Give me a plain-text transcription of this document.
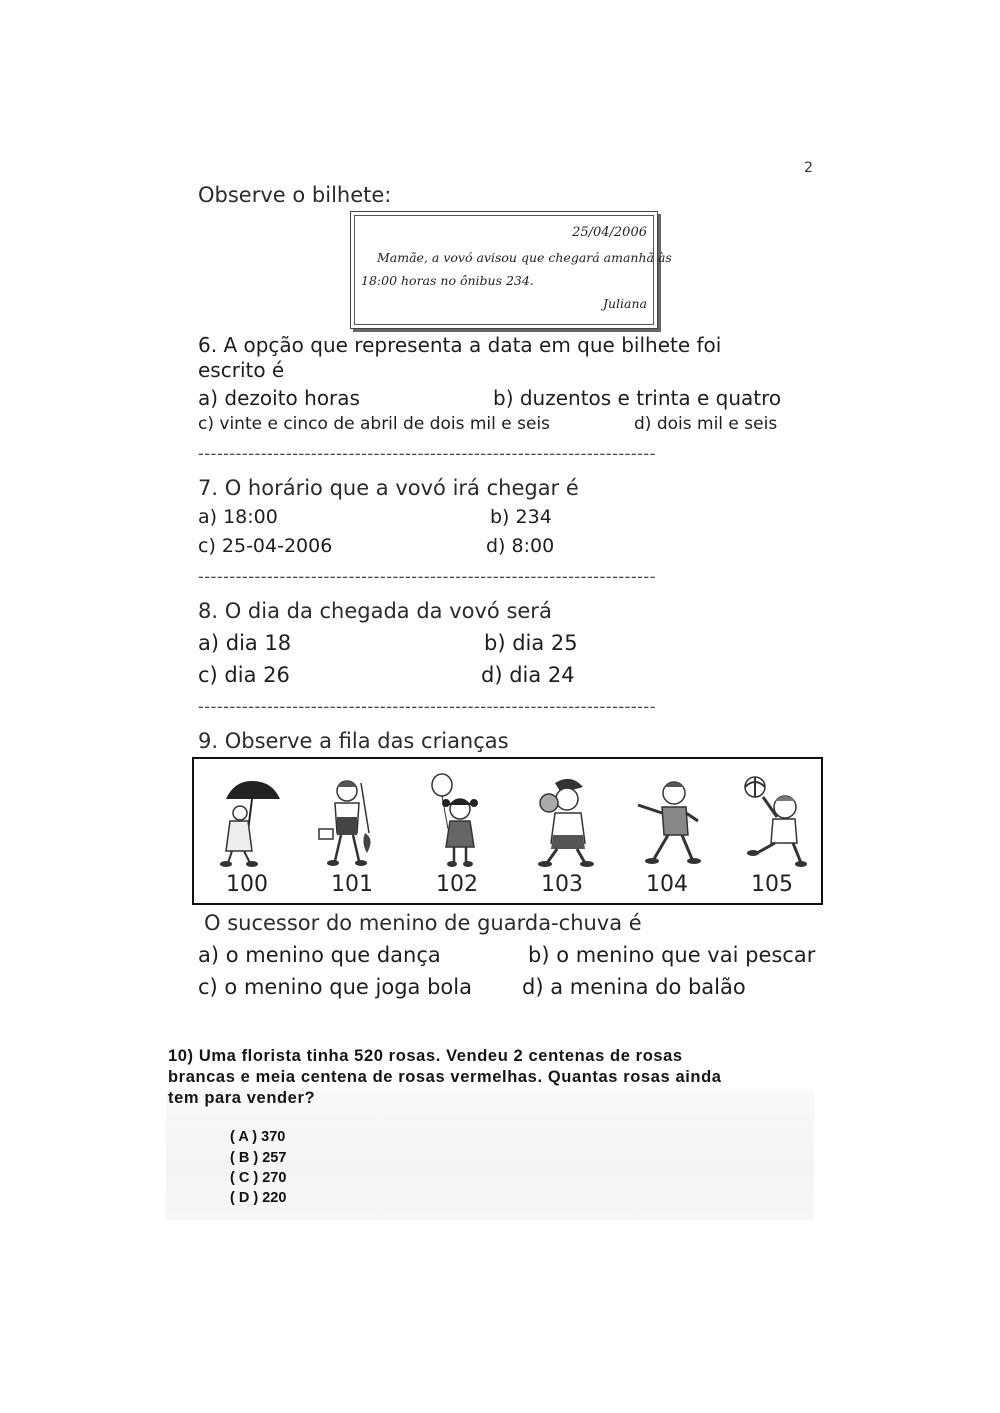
2
Observe o bilhete:
25/04/2006
Mamãe, a vovó avisou que chegará amanhã às
18:00 horas no ônibus 234.
Juliana
6. A opção que representa a data em que bilhete foi
escrito é
a) dezoito horas	b) duzentos e trinta e quatro
c) vinte e cinco de abril de dois mil e seis	d) dois mil e seis
-------------------------------------------------------------------------
7. O horário que a vovó irá chegar é
a) 18:00	b) 234
c) 25-04-2006	d) 8:00
-------------------------------------------------------------------------
8. O dia da chegada da vovó será
a) dia 18	b) dia 25
c) dia 26	d) dia 24
-------------------------------------------------------------------------
9. Observe a fila das crianças
100	101	102	103	104	105
O sucessor do menino de guarda-chuva é
a) o menino que dança	b) o menino que vai pescar
c) o menino que joga bola d) a menina do balão
10) Uma florista tinha 520 rosas. Vendeu 2 centenas de rosas
brancas e meia centena de rosas vermelhas. Quantas rosas ainda
tem para vender?
( A ) 370
( B ) 257
( C ) 270
( D ) 220
